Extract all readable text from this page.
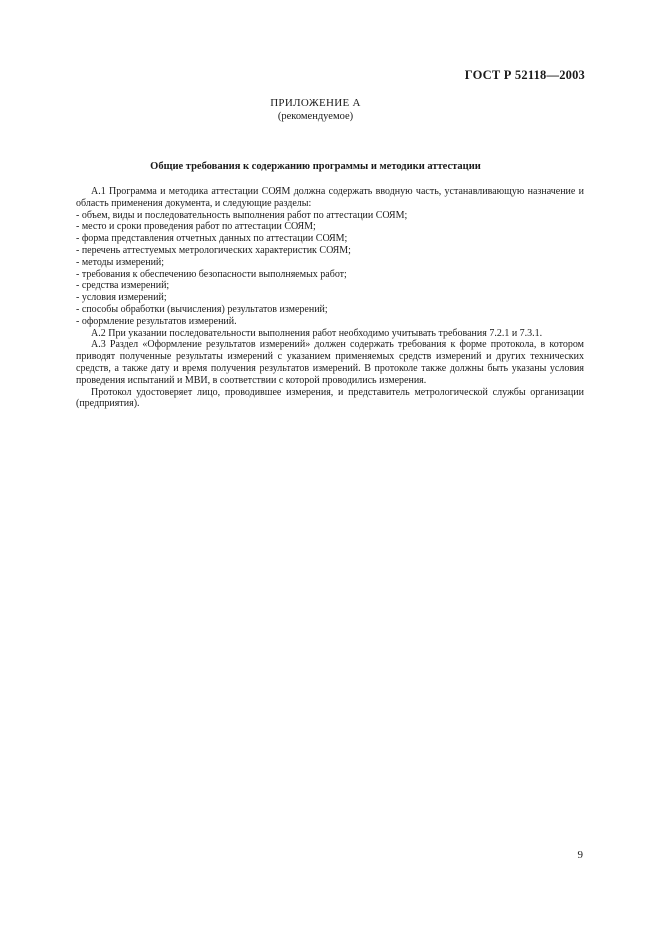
ГОСТ Р 52118—2003
ПРИЛОЖЕНИЕ А
(рекомендуемое)
Общие требования к содержанию программы и методики аттестации

А.1 Программа и методика аттестации СОЯМ должна содержать вводную часть, устанавливающую назначение и область применения документа, и следующие разделы:

- объем, виды и последовательность выполнения работ по аттестации СОЯМ;

- место и сроки проведения работ по аттестации СОЯМ;

- форма представления отчетных данных по аттестации СОЯМ;

- перечень аттестуемых метрологических характеристик СОЯМ;

- методы измерений;

- требования к обеспечению безопасности выполняемых работ;

- средства измерений;

- условия измерений;

- способы обработки (вычисления) результатов измерений;

- оформление результатов измерений.

А.2 При указании последовательности выполнения работ необходимо учитывать требования 7.2.1 и 7.3.1.

А.3 Раздел «Оформление результатов измерений» должен содержать требования к форме протокола, в котором приводят полученные результаты измерений с указанием применяемых средств измерений и других технических средств, а также дату и время получения результатов измерений. В протоколе также должны быть указаны условия проведения испытаний и МВИ, в соответствии с которой проводились измерения.

Протокол удостоверяет лицо, проводившее измерения, и представитель метрологической службы организации (предприятия).

9
